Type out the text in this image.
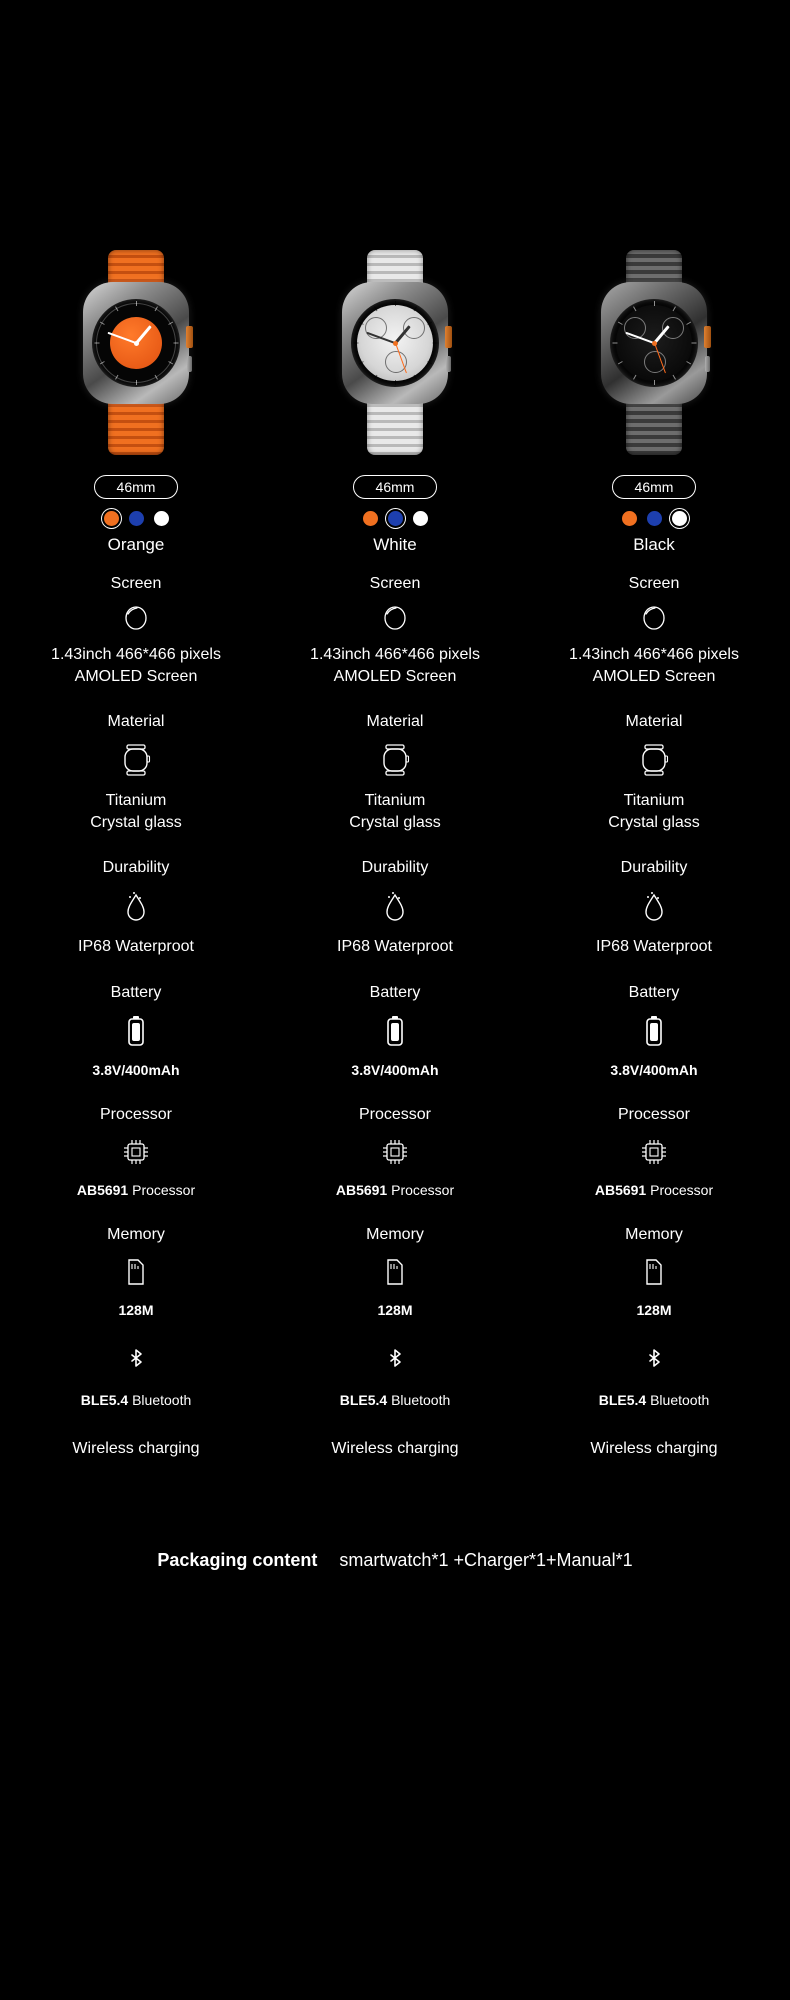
46mm
Orange
Screen
1.43inch 466*466 pixels
AMOLED Screen
Material
Titanium
Crystal glass
Durability
IP68 Waterproot
Battery
3.8V/400mAh
Processor
AB5691 Processor
Memory
128M
BLE5.4 Bluetooth
Wireless charging
46mm
White
Screen
1.43inch 466*466 pixels
AMOLED Screen
Material
Titanium
Crystal glass
Durability
IP68 Waterproot
Battery
3.8V/400mAh
Processor
AB5691 Processor
Memory
128M
BLE5.4 Bluetooth
Wireless charging
46mm
Black
Screen
1.43inch 466*466 pixels
AMOLED Screen
Material
Titanium
Crystal glass
Durability
IP68 Waterproot
Battery
3.8V/400mAh
Processor
AB5691 Processor
Memory
128M
BLE5.4 Bluetooth
Wireless charging
Packaging content smartwatch*1 +Charger*1+Manual*1
